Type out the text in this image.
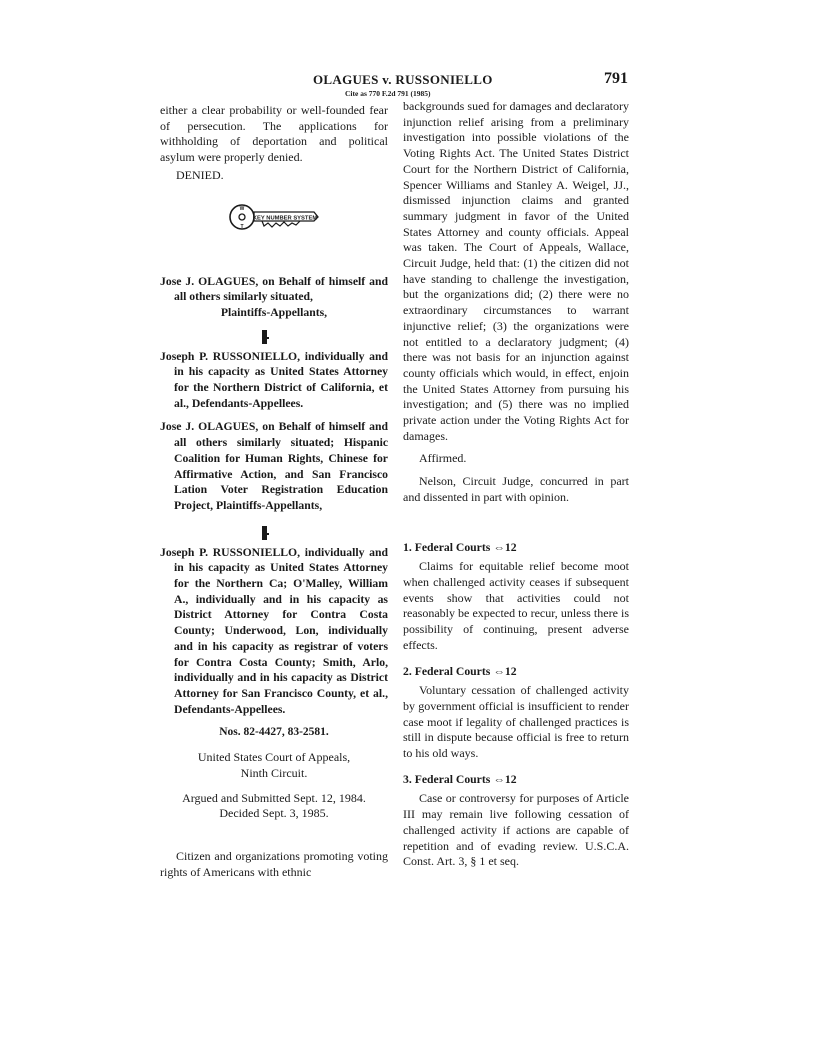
OLAGUES v. RUSSONIELLO
Cite as 770 F.2d 791 (1985)
791

either a clear probability or well-founded fear of persecution. The applications for withholding of deportation and political asylum were properly denied.

DENIED.

W
T
KEY NUMBER SYSTEM

Jose J. OLAGUES, on Behalf of himself and all others similarly situated,

Plaintiffs-Appellants,

Joseph P. RUSSONIELLO, individually and in his capacity as United States Attorney for the Northern District of California, et al., Defendants-Appellees.

Jose J. OLAGUES, on Behalf of himself and all others similarly situated; Hispanic Coalition for Human Rights, Chinese for Affirmative Action, and San Francisco Lation Voter Registration Education Project, Plaintiffs-Appellants,

Joseph P. RUSSONIELLO, individually and in his capacity as United States Attorney for the Northern Ca; O'Malley, William A., individually and in his capacity as District Attorney for Contra Costa County; Underwood, Lon, individually and in his capacity as registrar of voters for Contra Costa County; Smith, Arlo, individually and in his capacity as District Attorney for San Francisco County, et al., Defendants-Appellees.

Nos. 82-4427, 83-2581.

United States Court of Appeals,

Ninth Circuit.

Argued and Submitted Sept. 12, 1984.

Decided Sept. 3, 1985.

Citizen and organizations promoting voting rights of Americans with ethnic

backgrounds sued for damages and declaratory injunction relief arising from a preliminary investigation into possible violations of the Voting Rights Act. The United States District Court for the Northern District of California, Spencer Williams and Stanley A. Weigel, JJ., dismissed injunction claims and granted summary judgment in favor of the United States Attorney and county officials. Appeal was taken. The Court of Appeals, Wallace, Circuit Judge, held that: (1) the citizen did not have standing to challenge the investigation, but the organizations did; (2) there were no extraordinary circumstances to warrant injunctive relief; (3) the organizations were not entitled to a declaratory judgment; (4) there was not basis for an injunction against county officials which would, in effect, enjoin the United States Attorney from pursuing his investigation; and (5) there was no implied private action under the Voting Rights Act for damages.

Affirmed.

Nelson, Circuit Judge, concurred in part and dissented in part with opinion.

1. Federal Courts ⇔12

Claims for equitable relief become moot when challenged activity ceases if subsequent events show that activities could not reasonably be expected to recur, unless there is possibility of continuing, present adverse effects.

2. Federal Courts ⇔12

Voluntary cessation of challenged activity by government official is insufficient to render case moot if legality of challenged practices is still in dispute because official is free to return to his old ways.

3. Federal Courts ⇔12

Case or controversy for purposes of Article III may remain live following cessation of challenged activity if actions are capable of repetition and of evading review. U.S.C.A. Const. Art. 3, § 1 et seq.
